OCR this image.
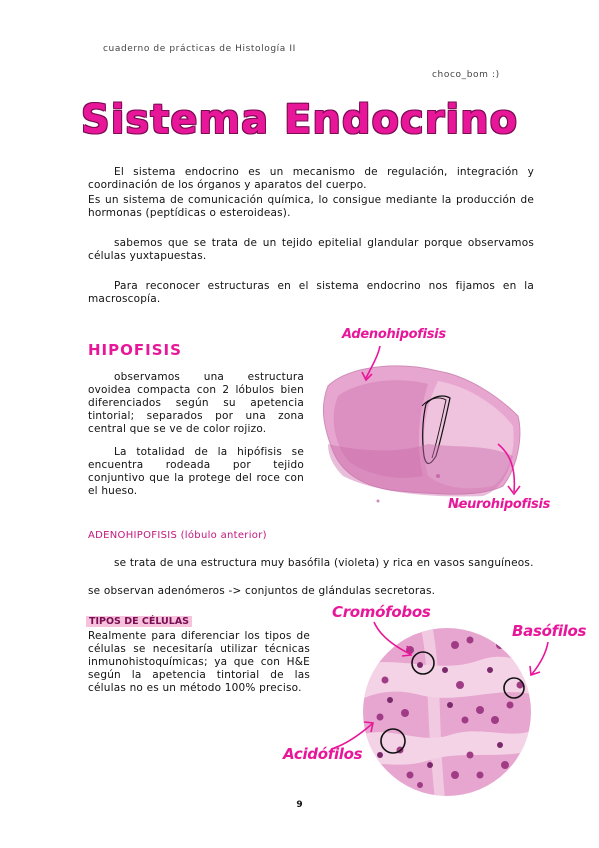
cuaderno de prácticas de Histología II
choco_bom :)
Sistema Endocrino
El sistema endocrino es un mecanismo de regulación, integración y coordinación de los órganos y aparatos del cuerpo.
Es un sistema de comunicación química, lo consigue mediante la producción de hormonas (peptídicas o esteroideas).
sabemos que se trata de un tejido epitelial glandular porque observamos células yuxtapuestas.
Para reconocer estructuras en el sistema endocrino nos fijamos en la macroscopía.
HIPOFISIS
observamos una estructura ovoidea compacta con 2 lóbulos bien diferenciados según su apetencia tintorial; separados por una zona central que se ve de color rojizo.
La totalidad de la hipófisis se encuentra rodeada por tejido conjuntivo que la protege del roce con el hueso.
Adenohipofisis
Neurohipofisis
ADENOHIPOFISIS (lóbulo anterior)
se trata de una estructura muy basófila (violeta) y rica en vasos sanguíneos.
se observan adenómeros -> conjuntos de glándulas secretoras.
TIPOS DE CÉLULAS
Realmente para diferenciar los tipos de células se necesitaría utilizar técnicas inmunohistoquímicas; ya que con H&E según la apetencia tintorial de las células no es un método 100% preciso.
Cromófobos
Basófilos
Acidófilos
9
